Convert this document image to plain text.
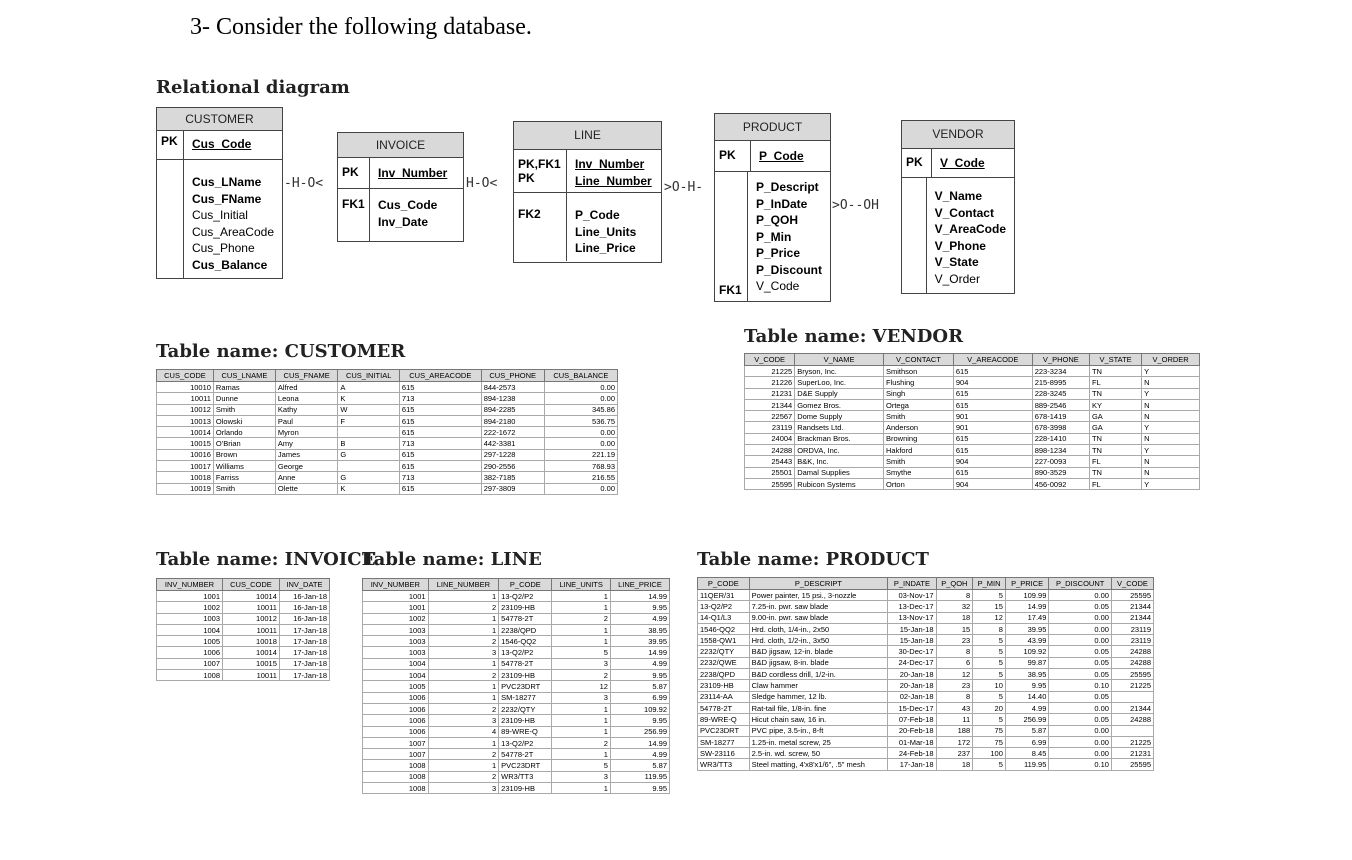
3- Consider the following database.
Relational diagram
CUSTOMER
PK	Cus_Code
Cus_LName
Cus_FName
Cus_Initial
Cus_AreaCode
Cus_Phone
Cus_Balance
-H-O<
INVOICE
PK	Inv_Number
FK1	Cus_Code
Inv_Date
H-O<
LINE
PK,FK1
PK
Inv_Number
Line_Number
FK2	P_Code
Line_Units
Line_Price
>O-H-
PRODUCT
PK	P_Code
FK1
P_Descript
P_InDate
P_QOH
P_Min
P_Price
P_Discount
V_Code
>O--OH
VENDOR
PK	V_Code
V_Name
V_Contact
V_AreaCode
V_Phone
V_State
V_Order
Table name: CUSTOMER
Table name: VENDOR
Table name: INVOICE
Table name: LINE	Table name: PRODUCT
CUS_CODE	CUS_LNAME	CUS_FNAME	CUS_INITIAL	CUS_AREACODE	CUS_PHONE	CUS_BALANCE
10010	Ramas	Alfred	A	615	844-2573	0.00
10011	Dunne	Leona	K	713	894-1238	0.00
10012	Smith	Kathy	W	615	894-2285	345.86
10013	Olowski	Paul	F	615	894-2180	536.75
10014	Orlando	Myron		615	222-1672	0.00
10015	O'Brian	Amy	B	713	442-3381	0.00
10016	Brown	James	G	615	297-1228	221.19
10017	Williams	George		615	290-2556	768.93
10018	Farriss	Anne	G	713	382-7185	216.55
10019	Smith	Olette	K	615	297-3809	0.00
V_CODE	V_NAME	V_CONTACT	V_AREACODE	V_PHONE	V_STATE	V_ORDER
21225	Bryson, Inc.	Smithson	615	223-3234	TN	Y
21226	SuperLoo, Inc.	Flushing	904	215-8995	FL	N
21231	D&E Supply	Singh	615	228-3245	TN	Y
21344	Gomez Bros.	Ortega	615	889-2546	KY	N
22567	Dome Supply	Smith	901	678-1419	GA	N
23119	Randsets Ltd.	Anderson	901	678-3998	GA	Y
24004	Brackman Bros.	Browning	615	228-1410	TN	N
24288	ORDVA, Inc.	Hakford	615	898-1234	TN	Y
25443	B&K, Inc.	Smith	904	227-0093	FL	N
25501	Damal Supplies	Smythe	615	890-3529	TN	N
25595	Rubicon Systems	Orton	904	456-0092	FL	Y
INV_NUMBER	CUS_CODE	INV_DATE
1001	10014	16-Jan-18
1002	10011	16-Jan-18
1003	10012	16-Jan-18
1004	10011	17-Jan-18
1005	10018	17-Jan-18
1006	10014	17-Jan-18
1007	10015	17-Jan-18
1008	10011	17-Jan-18
INV_NUMBER	LINE_NUMBER	P_CODE	LINE_UNITS	LINE_PRICE
1001	1	13-Q2/P2	1	14.99
1001	2	23109-HB	1	9.95
1002	1	54778-2T	2	4.99
1003	1	2238/QPD	1	38.95
1003	2	1546-QQ2	1	39.95
1003	3	13-Q2/P2	5	14.99
1004	1	54778-2T	3	4.99
1004	2	23109-HB	2	9.95
1005	1	PVC23DRT	12	5.87
1006	1	SM-18277	3	6.99
1006	2	2232/QTY	1	109.92
1006	3	23109-HB	1	9.95
1006	4	89-WRE-Q	1	256.99
1007	1	13-Q2/P2	2	14.99
1007	2	54778-2T	1	4.99
1008	1	PVC23DRT	5	5.87
1008	2	WR3/TT3	3	119.95
1008	3	23109-HB	1	9.95
P_CODE	P_DESCRIPT	P_INDATE	P_QOH	P_MIN	P_PRICE	P_DISCOUNT	V_CODE
11QER/31	Power painter, 15 psi., 3-nozzle	03-Nov-17	8	5	109.99	0.00	25595
13-Q2/P2	7.25-in. pwr. saw blade	13-Dec-17	32	15	14.99	0.05	21344
14-Q1/L3	9.00-in. pwr. saw blade	13-Nov-17	18	12	17.49	0.00	21344
1546-QQ2	Hrd. cloth, 1/4-in., 2x50	15-Jan-18	15	8	39.95	0.00	23119
1558-QW1	Hrd. cloth, 1/2-in., 3x50	15-Jan-18	23	5	43.99	0.00	23119
2232/QTY	B&D jigsaw, 12-in. blade	30-Dec-17	8	5	109.92	0.05	24288
2232/QWE	B&D jigsaw, 8-in. blade	24-Dec-17	6	5	99.87	0.05	24288
2238/QPD	B&D cordless drill, 1/2-in.	20-Jan-18	12	5	38.95	0.05	25595
23109-HB	Claw hammer	20-Jan-18	23	10	9.95	0.10	21225
23114-AA	Sledge hammer, 12 lb.	02-Jan-18	8	5	14.40	0.05	
54778-2T	Rat-tail file, 1/8-in. fine	15-Dec-17	43	20	4.99	0.00	21344
89-WRE-Q	Hicut chain saw, 16 in.	07-Feb-18	11	5	256.99	0.05	24288
PVC23DRT	PVC pipe, 3.5-in., 8-ft	20-Feb-18	188	75	5.87	0.00	
SM-18277	1.25-in. metal screw, 25	01-Mar-18	172	75	6.99	0.00	21225
SW-23116	2.5-in. wd. screw, 50	24-Feb-18	237	100	8.45	0.00	21231
WR3/TT3	Steel matting, 4'x8'x1/6", .5" mesh	17-Jan-18	18	5	119.95	0.10	25595
